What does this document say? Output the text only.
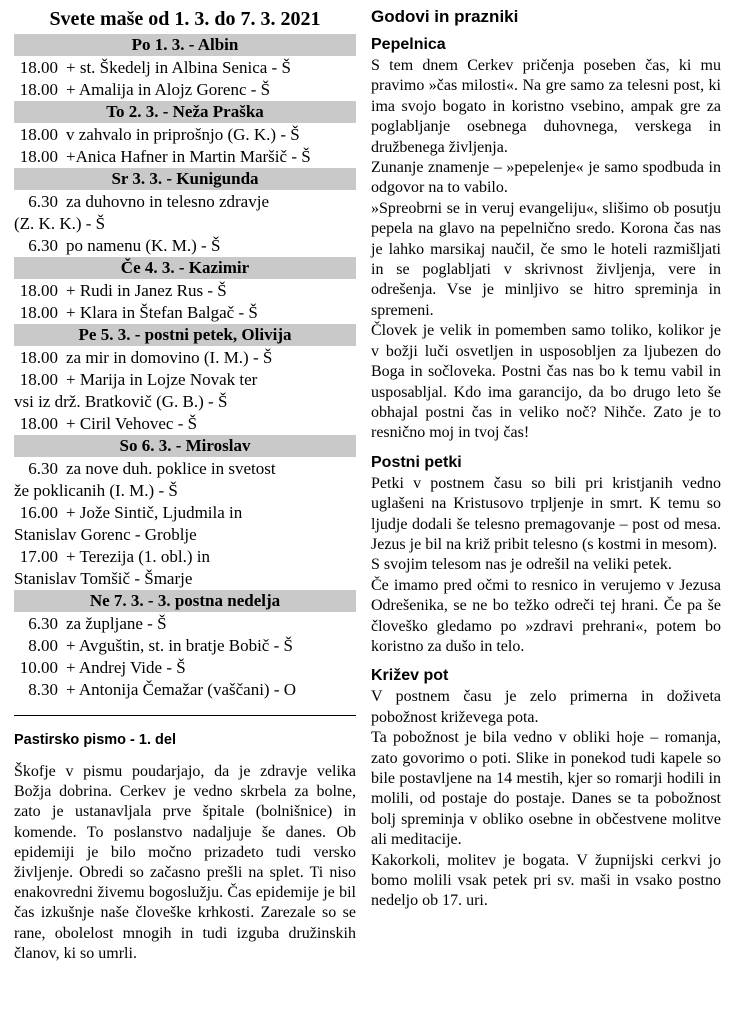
Svete maše od 1. 3. do 7. 3. 2021
Po 1. 3. - Albin
18.00 + st. Škedelj in Albina Senica - Š
18.00 + Amalija in Alojz Gorenc - Š
To 2. 3. - Neža Praška
18.00 v zahvalo in priprošnjo (G. K.) - Š
18.00 +Anica Hafner in Martin Maršič - Š
Sr 3. 3. - Kunigunda
6.30 za duhovno in telesno zdravje
(Z. K. K.) - Š
6.30 po namenu (K. M.) - Š
Če 4. 3. - Kazimir
18.00 + Rudi in Janez Rus - Š
18.00 + Klara in Štefan Balgač - Š
Pe 5. 3. - postni petek, Olivija
18.00 za mir in domovino (I. M.) - Š
18.00 + Marija in Lojze Novak ter
vsi iz drž. Bratkovič (G. B.) - Š
18.00 + Ciril Vehovec - Š
So 6. 3. - Miroslav
6.30 za nove duh. poklice in svetost
že poklicanih (I. M.) - Š
16.00 + Jože Sintič, Ljudmila in
Stanislav Gorenc - Groblje
17.00 + Terezija (1. obl.) in
Stanislav Tomšič - Šmarje
Ne 7. 3. - 3. postna nedelja
6.30 za župljane - Š
8.00 + Avguštin, st. in bratje Bobič - Š
10.00 + Andrej Vide - Š
8.30 + Antonija Čemažar (vaščani) - O
Pastirsko pismo - 1. del

Škofje v pismu poudarjajo, da je zdravje velika Božja dobrina. Cerkev je vedno skrbela za bolne, zato je ustanavljala prve špitale (bolnišnice) in komende. To poslanstvo nadaljuje še danes. Ob epidemiji je bilo močno prizadeto tudi versko življenje. Obredi so začasno prešli na splet. Ti niso enakovredni živemu bogoslužju. Čas epidemije je bil čas izkušnje naše človeške krhkosti. Zarezale so se rane, obolelost mnogih in tudi izguba družinskih članov, ki so umrli.

Godovi in prazniki
Pepelnica

S tem dnem Cerkev pričenja poseben čas, ki mu pravimo »čas milosti«. Na gre samo za telesni post, ki ima svojo bogato in koristno vsebino, ampak gre za poglabljanje osebnega duhovnega, verskega in družbenega življenja.

Zunanje znamenje – »pepelenje« je samo spodbuda in odgovor na to vabilo.

»Spreobrni se in veruj evangeliju«, slišimo ob posutju pepela na glavo na pepelnično sredo. Korona čas nas je lahko marsikaj naučil, če smo le hoteli razmišljati in se poglabljati v skrivnost življenja, vere in odrešenja. Vse je minljivo se hitro spreminja in spremeni.

Človek je velik in pomemben samo toliko, kolikor je v božji luči osvetljen in usposobljen za ljubezen do Boga in sočloveka. Postni čas nas bo k temu vabil in usposabljal. Kdo ima garancijo, da bo drugo leto še obhajal postni čas in veliko noč? Nihče. Zato je to resnično moj in tvoj čas!

Postni petki

Petki v postnem času so bili pri kristjanih vedno uglašeni na Kristusovo trpljenje in smrt. K temu so ljudje dodali še telesno premagovanje – post od mesa. Jezus je bil na križ pribit telesno (s kostmi in mesom).

S svojim telesom nas je odrešil na veliki petek.

Če imamo pred očmi to resnico in verujemo v Jezusa Odrešenika, se ne bo težko odreči tej hrani. Če pa še človeško gledamo po »zdravi prehrani«, potem bo koristno za dušo in telo.

Križev pot

V postnem času je zelo primerna in doživeta pobožnost križevega pota.

Ta pobožnost je bila vedno v obliki hoje – romanja, zato govorimo o poti. Slike in ponekod tudi kapele so bile postavljene na 14 mestih, kjer so romarji hodili in molili, od postaje do postaje. Danes se ta pobožnost bolj spreminja v obliko osebne in občestvene molitve ali meditacije.

Kakorkoli, molitev je bogata. V župnijski cerkvi jo bomo molili vsak petek pri sv. maši in vsako postno nedeljo ob 17. uri.
